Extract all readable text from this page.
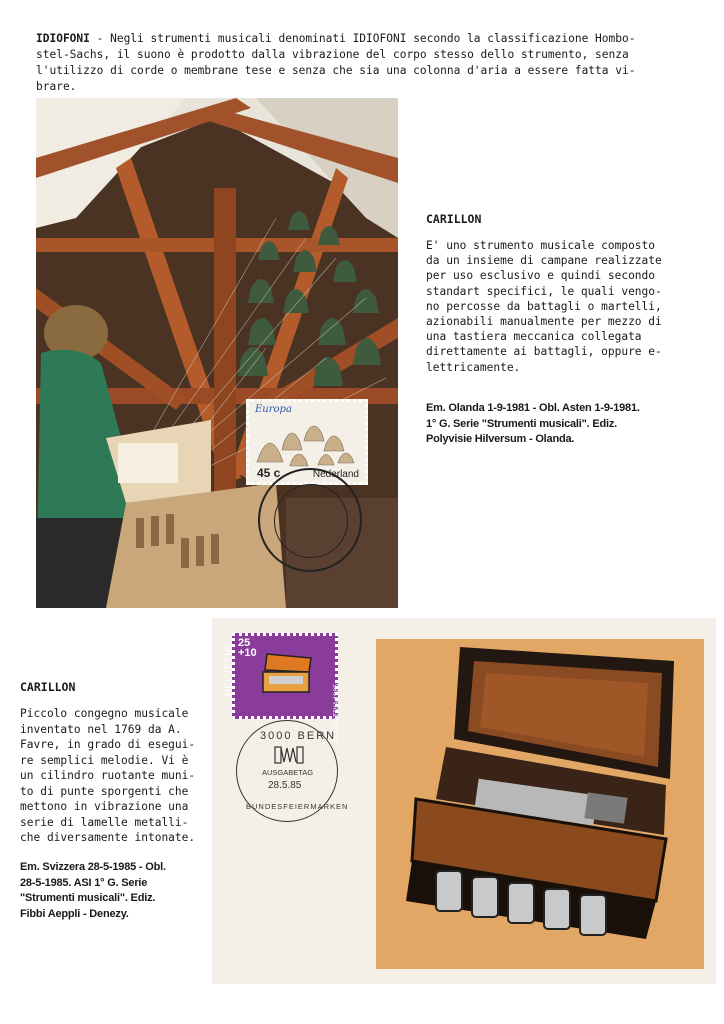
IDIOFONI - Negli strumenti musicali denominati IDIOFONI secondo la classificazione Hombo-
stel-Sachs, il suono è prodotto dalla vibrazione del corpo stesso dello strumento, senza
l'utilizzo di corde o membrane tese e senza che sia una colonna d'aria a essere fatta vi-
brare.
Europa
45 c	Nederland
CARILLON
E' uno strumento musicale composto
da un insieme di campane realizzate
per uso esclusivo e quindi secondo
standart specifici, le quali vengo-
no percosse da battagli o martelli,
azionabili manualmente per mezzo di
una tastiera meccanica collegata
direttamente ai battagli, oppure e-
lettricamente.
Em. Olanda 1-9-1981 - Obl. Asten 1-9-1981.
1° G. Serie "Strumenti musicali". Ediz.
Polyvisie Hilversum - Olanda.
25
+10
HELVETIA
PRO PATRIA 1985
3000 BERN
AUSGABETAG
28.5.85
BUNDESFEIERMARKEN
CARILLON
Piccolo congegno musicale
inventato nel 1769 da A.
Favre, in grado di esegui-
re semplici melodie. Vi è
un cilindro ruotante muni-
to di punte sporgenti che
mettono in vibrazione una
serie di lamelle metalli-
che diversamente intonate.
Em. Svizzera 28-5-1985 - Obl.
28-5-1985. ASI 1° G. Serie
"Strumenti musicali". Ediz.
Fibbi Aeppli - Denezy.
